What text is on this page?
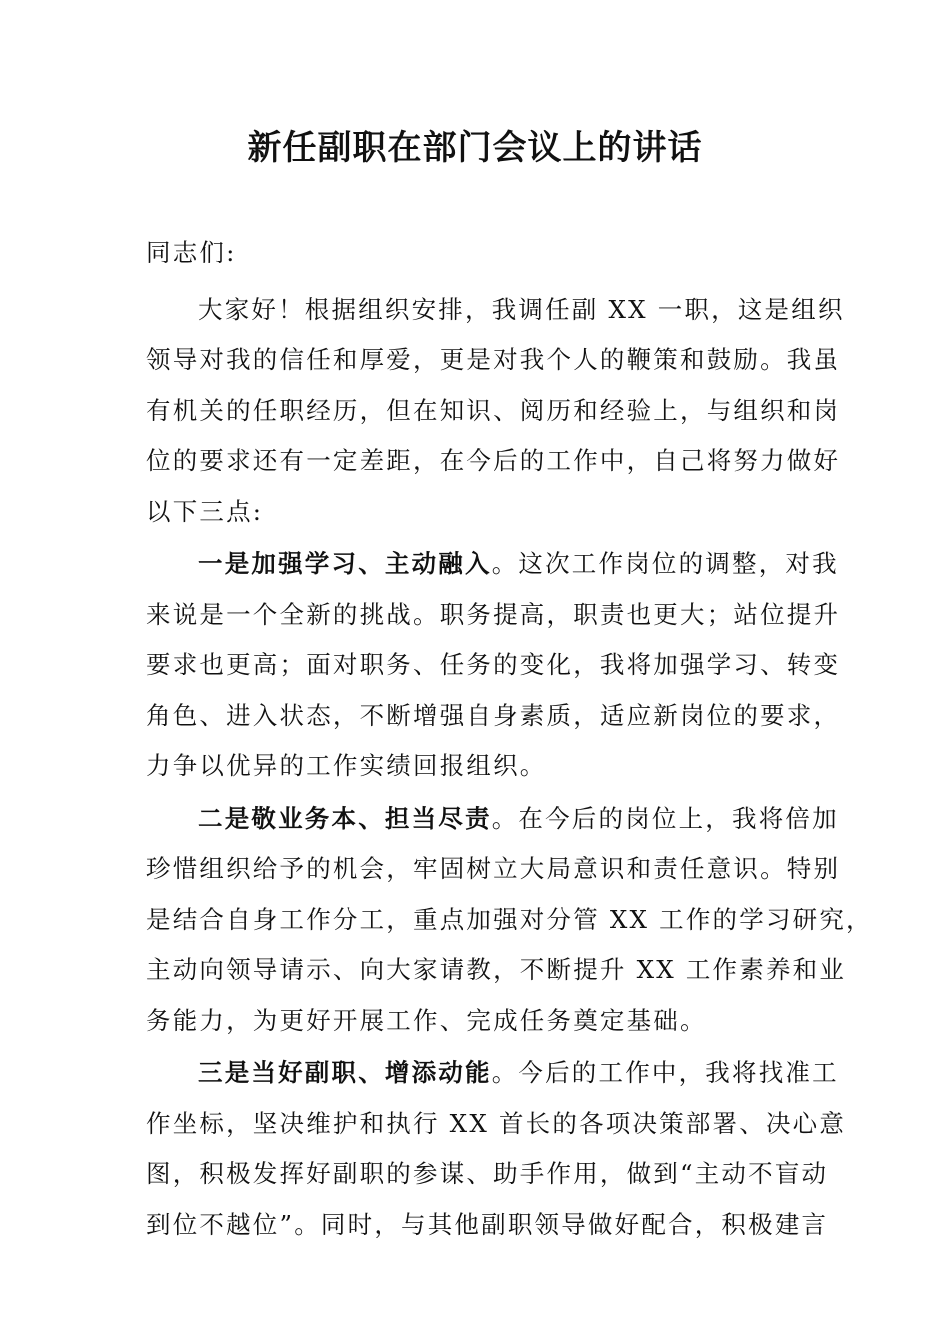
新任副职在部门会议上的讲话
同志们:
大家好！根据组织安排，我调任副 XX 一职，这是组织
领导对我的信任和厚爱，更是对我个人的鞭策和鼓励。我虽
有机关的任职经历，但在知识、阅历和经验上，与组织和岗
位的要求还有一定差距，在今后的工作中，自己将努力做好
以下三点:
一是加强学习、主动融入。这次工作岗位的调整，对我
来说是一个全新的挑战。职务提高，职责也更大；站位提升
要求也更高；面对职务、任务的变化，我将加强学习、转变
角色、进入状态，不断增强自身素质，适应新岗位的要求，
力争以优异的工作实绩回报组织。
二是敬业务本、担当尽责。在今后的岗位上，我将倍加
珍惜组织给予的机会，牢固树立大局意识和责任意识。特别
是结合自身工作分工，重点加强对分管 XX 工作的学习研究，
主动向领导请示、向大家请教，不断提升 XX 工作素养和业
务能力，为更好开展工作、完成任务奠定基础。
三是当好副职、增添动能。今后的工作中，我将找准工
作坐标，坚决维护和执行 XX 首长的各项决策部署、决心意
图，积极发挥好副职的参谋、助手作用，做到“主动不盲动
到位不越位”。同时，与其他副职领导做好配合，积极建言
